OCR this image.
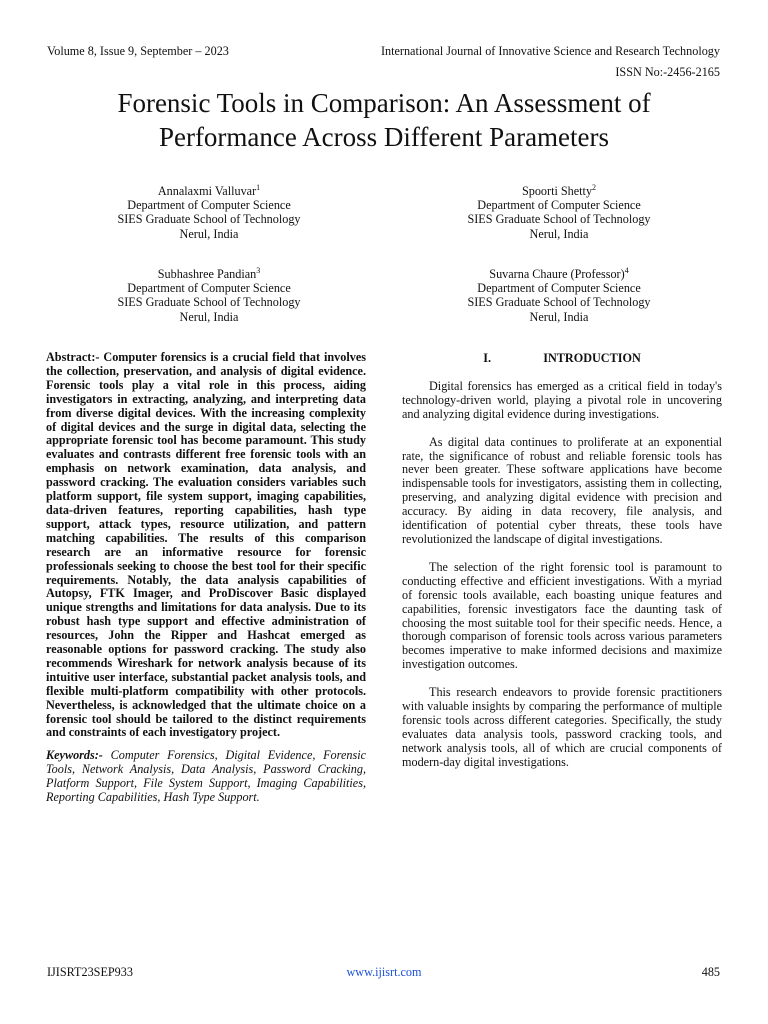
Volume 8, Issue 9, September – 2023	International Journal of Innovative Science and Research Technology
ISSN No:-2456-2165
Forensic Tools in Comparison: An Assessment of
Performance Across Different Parameters
Annalaxmi Valluvar$^1$
Department of Computer Science
SIES Graduate School of Technology
Nerul, India
Spoorti Shetty$^2$
Department of Computer Science
SIES Graduate School of Technology
Nerul, India
Subhashree Pandian$^3$
Department of Computer Science
SIES Graduate School of Technology
Nerul, India
Suvarna Chaure (Professor)$^4$
Department of Computer Science
SIES Graduate School of Technology
Nerul, India
Abstract:- Computer forensics is a crucial field that involves the collection, preservation, and analysis of digital evidence. Forensic tools play a vital role in this process, aiding investigators in extracting, analyzing, and interpreting data from diverse digital devices. With the increasing complexity of digital devices and the surge in digital data, selecting the appropriate forensic tool has become paramount. This study evaluates and contrasts different free forensic tools with an emphasis on network examination, data analysis, and password cracking. The evaluation considers variables such platform support, file system support, imaging capabilities, data-driven features, reporting capabilities, hash type support, attack types, resource utilization, and pattern matching capabilities. The results of this comparison research are an informative resource for forensic professionals seeking to choose the best tool for their specific requirements. Notably, the data analysis capabilities of Autopsy, FTK Imager, and ProDiscover Basic displayed unique strengths and limitations for data analysis. Due to its robust hash type support and effective administration of resources, John the Ripper and Hashcat emerged as reasonable options for password cracking. The study also recommends Wireshark for network analysis because of its intuitive user interface, substantial packet analysis tools, and flexible multi-platform compatibility with other protocols. Nevertheless, is acknowledged that the ultimate choice on a forensic tool should be tailored to the distinct requirements and constraints of each investigatory project.
Keywords:- Computer Forensics, Digital Evidence, Forensic Tools, Network Analysis, Data Analysis, Password Cracking, Platform Support, File System Support, Imaging Capabilities, Reporting Capabilities, Hash Type Support.
I.	INTRODUCTION

Digital forensics has emerged as a critical field in today's technology-driven world, playing a pivotal role in uncovering and analyzing digital evidence during investigations.

As digital data continues to proliferate at an exponential rate, the significance of robust and reliable forensic tools has never been greater. These software applications have become indispensable tools for investigators, assisting them in collecting, preserving, and analyzing digital evidence with precision and accuracy. By aiding in data recovery, file analysis, and identification of potential cyber threats, these tools have revolutionized the landscape of digital investigations.

The selection of the right forensic tool is paramount to conducting effective and efficient investigations. With a myriad of forensic tools available, each boasting unique features and capabilities, forensic investigators face the daunting task of choosing the most suitable tool for their specific needs. Hence, a thorough comparison of forensic tools across various parameters becomes imperative to make informed decisions and maximize investigation outcomes.

This research endeavors to provide forensic practitioners with valuable insights by comparing the performance of multiple forensic tools across different categories. Specifically, the study evaluates data analysis tools, password cracking tools, and network analysis tools, all of which are crucial components of modern-day digital investigations.

IJISRT23SEP933	www.ijisrt.com	485
